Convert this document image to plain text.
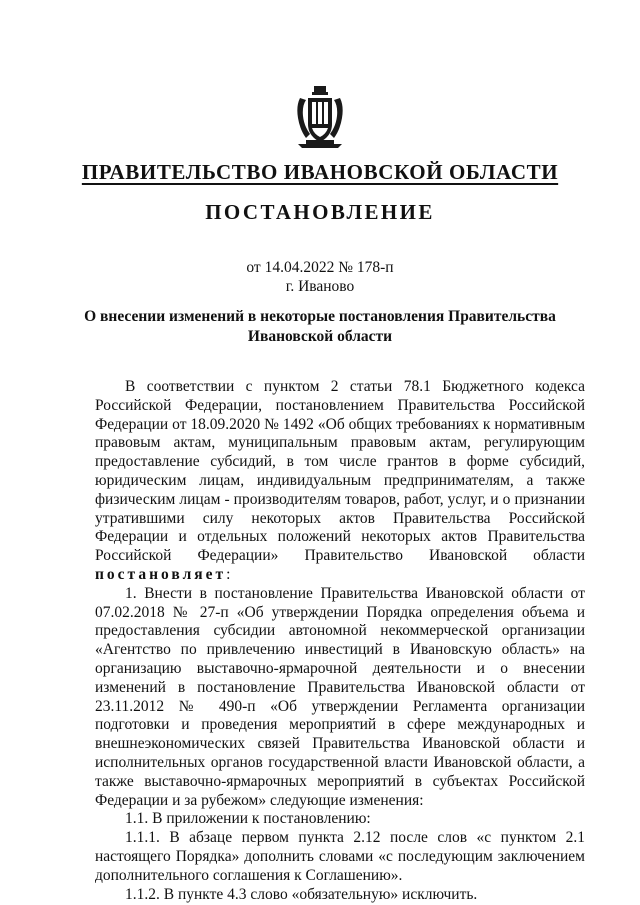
ПРАВИТЕЛЬСТВО ИВАНОВСКОЙ ОБЛАСТИ
ПОСТАНОВЛЕНИЕ
от 14.04.2022 № 178-п
г. Иваново
О внесении изменений в некоторые постановления Правительства Ивановской области

В соответствии с пунктом 2 статьи 78.1 Бюджетного кодекса Российской Федерации, постановлением Правительства Российской Федерации от 18.09.2020 № 1492 «Об общих требованиях к нормативным правовым актам, муниципальным правовым актам, регулирующим предоставление субсидий, в том числе грантов в форме субсидий, юридическим лицам, индивидуальным предпринимателям, а также физическим лицам - производителям товаров, работ, услуг, и о признании утратившими силу некоторых актов Правительства Российской Федерации и отдельных положений некоторых актов Правительства Российской Федерации» Правительство Ивановской области постановляет:

1. Внести в постановление Правительства Ивановской области от 07.02.2018 № 27-п «Об утверждении Порядка определения объема и предоставления субсидии автономной некоммерческой организации «Агентство по привлечению инвестиций в Ивановскую область» на организацию выставочно-ярмарочной деятельности и о внесении изменений в постановление Правительства Ивановской области от 23.11.2012 № 490-п «Об утверждении Регламента организации подготовки и проведения мероприятий в сфере международных и внешнеэкономических связей Правительства Ивановской области и исполнительных органов государственной власти Ивановской области, а также выставочно-ярмарочных мероприятий в субъектах Российской Федерации и за рубежом» следующие изменения:

1.1. В приложении к постановлению:

1.1.1. В абзаце первом пункта 2.12 после слов «с пунктом 2.1 настоящего Порядка» дополнить словами «с последующим заключением дополнительного соглашения к Соглашению».

1.1.2. В пункте 4.3 слово «обязательную» исключить.
